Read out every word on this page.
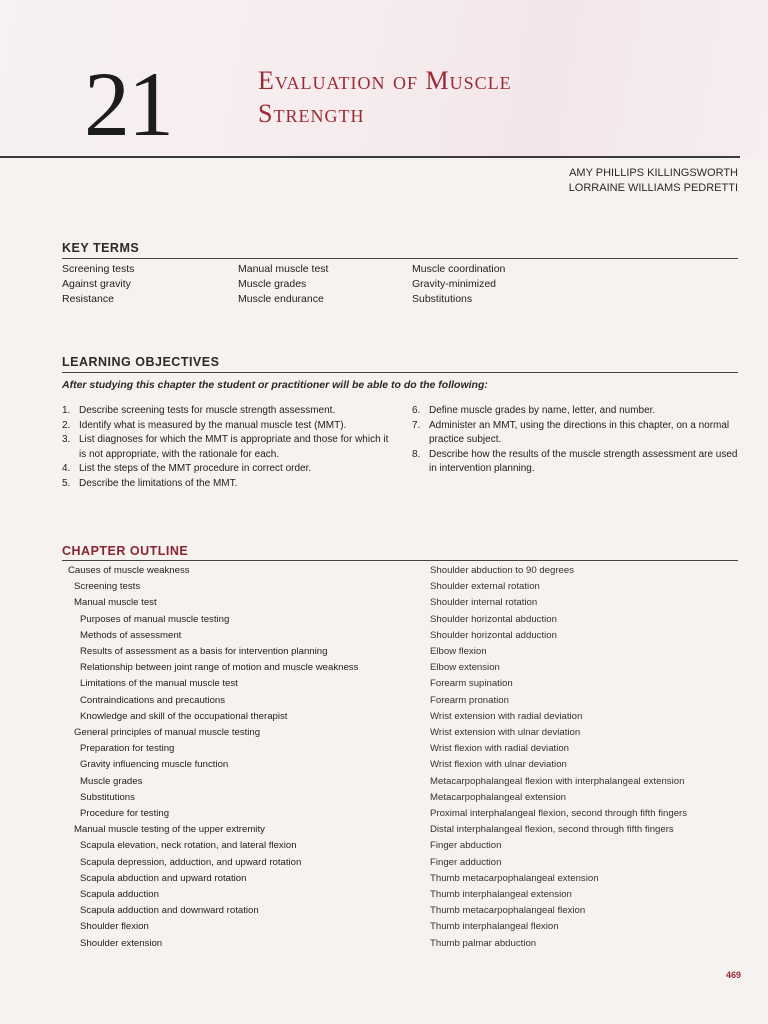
21	Evaluation of Muscle
Strength
AMY PHILLIPS KILLINGSWORTH
LORRAINE WILLIAMS PEDRETTI
KEY TERMS
Screening tests
Against gravity
Resistance
Manual muscle test
Muscle grades
Muscle endurance
Muscle coordination
Gravity-minimized
Substitutions
LEARNING OBJECTIVES
After studying this chapter the student or practitioner will be able to do the following:
1. Describe screening tests for muscle strength assessment.
2. Identify what is measured by the manual muscle test (MMT).
3. List diagnoses for which the MMT is appropriate and those for which it is not appropriate, with the rationale for each.
4. List the steps of the MMT procedure in correct order.
5. Describe the limitations of the MMT.
6. Define muscle grades by name, letter, and number.
7. Administer an MMT, using the directions in this chapter, on a normal practice subject.
8. Describe how the results of the muscle strength assessment are used in intervention planning.
CHAPTER OUTLINE
Causes of muscle weakness
Screening tests
Manual muscle test
Purposes of manual muscle testing
Methods of assessment
Results of assessment as a basis for intervention planning
Relationship between joint range of motion and muscle weakness
Limitations of the manual muscle test
Contraindications and precautions
Knowledge and skill of the occupational therapist
General principles of manual muscle testing
Preparation for testing
Gravity influencing muscle function
Muscle grades
Substitutions
Procedure for testing
Manual muscle testing of the upper extremity
Scapula elevation, neck rotation, and lateral flexion
Scapula depression, adduction, and upward rotation
Scapula abduction and upward rotation
Scapula adduction
Scapula adduction and downward rotation
Shoulder flexion
Shoulder extension
Shoulder abduction to 90 degrees
Shoulder external rotation
Shoulder internal rotation
Shoulder horizontal abduction
Shoulder horizontal adduction
Elbow flexion
Elbow extension
Forearm supination
Forearm pronation
Wrist extension with radial deviation
Wrist extension with ulnar deviation
Wrist flexion with radial deviation
Wrist flexion with ulnar deviation
Metacarpophalangeal flexion with interphalangeal extension
Metacarpophalangeal extension
Proximal interphalangeal flexion, second through fifth fingers
Distal interphalangeal flexion, second through fifth fingers
Finger abduction
Finger adduction
Thumb metacarpophalangeal extension
Thumb interphalangeal extension
Thumb metacarpophalangeal flexion
Thumb interphalangeal flexion
Thumb palmar abduction
469
